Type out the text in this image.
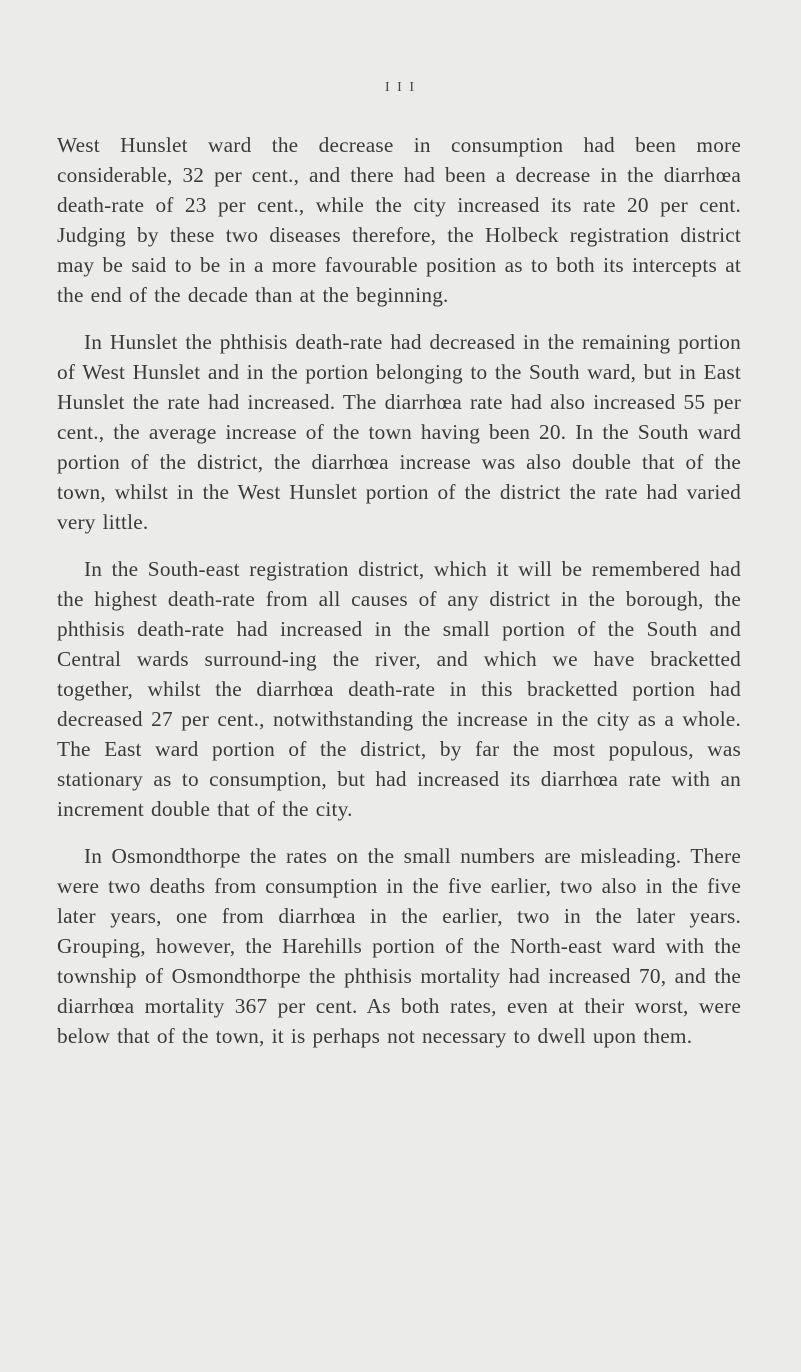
I I I

West Hunslet ward the decrease in consumption had been more considerable, 32 per cent., and there had been a decrease in the diarrhœa death-rate of 23 per cent., while the city increased its rate 20 per cent. Judging by these two diseases therefore, the Holbeck registration district may be said to be in a more favourable position as to both its intercepts at the end of the decade than at the beginning.

In Hunslet the phthisis death-rate had decreased in the remaining portion of West Hunslet and in the portion belonging to the South ward, but in East Hunslet the rate had increased. The diarrhœa rate had also increased 55 per cent., the average increase of the town having been 20. In the South ward portion of the district, the diarrhœa increase was also double that of the town, whilst in the West Hunslet portion of the district the rate had varied very little.

In the South-east registration district, which it will be remembered had the highest death-rate from all causes of any district in the borough, the phthisis death-rate had increased in the small portion of the South and Central wards surround-ing the river, and which we have bracketted together, whilst the diarrhœa death-rate in this bracketted portion had decreased 27 per cent., notwithstanding the increase in the city as a whole. The East ward portion of the district, by far the most populous, was stationary as to consumption, but had increased its diarrhœa rate with an increment double that of the city.

In Osmondthorpe the rates on the small numbers are misleading. There were two deaths from consumption in the five earlier, two also in the five later years, one from diarrhœa in the earlier, two in the later years. Grouping, however, the Harehills portion of the North-east ward with the township of Osmondthorpe the phthisis mortality had increased 70, and the diarrhœa mortality 367 per cent. As both rates, even at their worst, were below that of the town, it is perhaps not necessary to dwell upon them.
